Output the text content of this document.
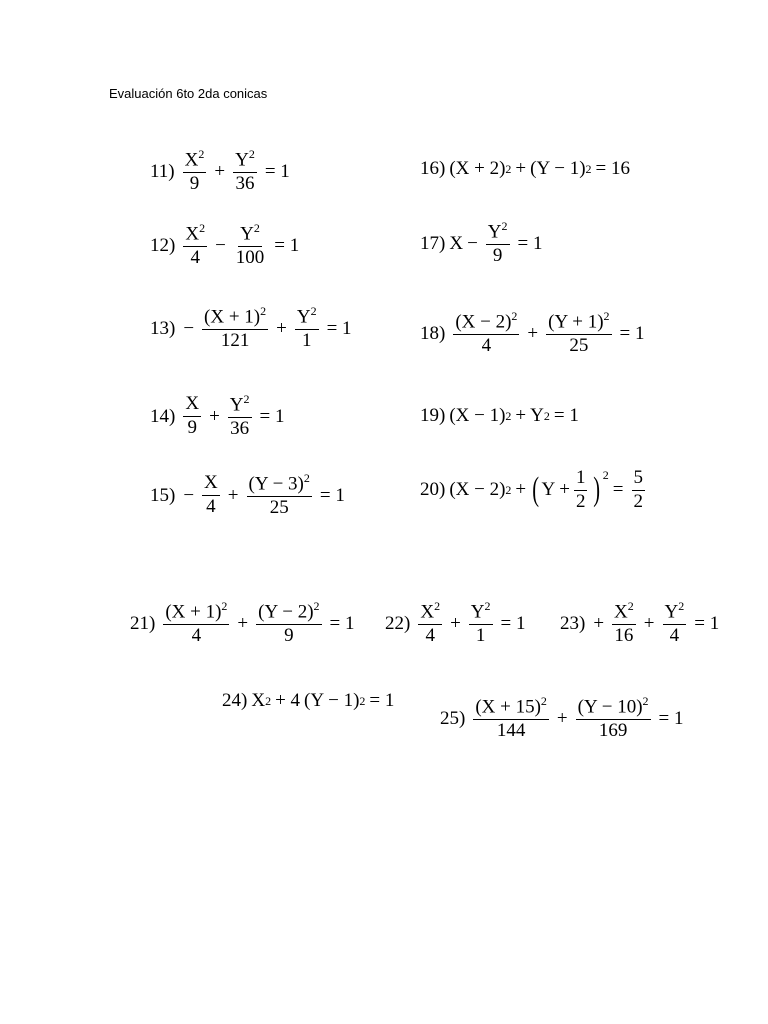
Evaluación 6to 2da conicas
$11) \frac{X^2}{9} + \frac{Y^2}{36} = 1$	16) (X + 2) 2 + (Y − 1) 2 = 16
$12) \frac{X^2}{4} - \frac{Y^2}{100} = 1$	17) $X - \frac{Y^2}{9} = 1$
$13) - \frac{(X + 1)^2}{121} + \frac{Y^2}{1} = 1$	$18) \frac{(X - 2)^2}{4} + \frac{(Y + 1)^2}{25} = 1$
$14) \frac{X}{9} + \frac{Y^2}{36} = 1$	19) (X − 1) 2 + Y 2 = 1
$15) - \frac{X}{4} + \frac{(Y - 3)^2}{25} = 1$	20) (X − 2) 2 + ( $Y + \frac{1}{2} )^2$
= $\frac{5}{2}$
$21) \frac{(X + 1)^2}{4} + \frac{(Y - 2)^2}{9} = 1$ $22) \frac{X^2}{4} + \frac{Y^2}{1} = 1$ $23) + \frac{X^2}{16} + \frac{Y^2}{4} = 1$
24) X 2 + 4 (Y − 1) 2 = 1
$25) \frac{(X + 15)^2}{144} + \frac{(Y - 10)^2}{169} = 1$
